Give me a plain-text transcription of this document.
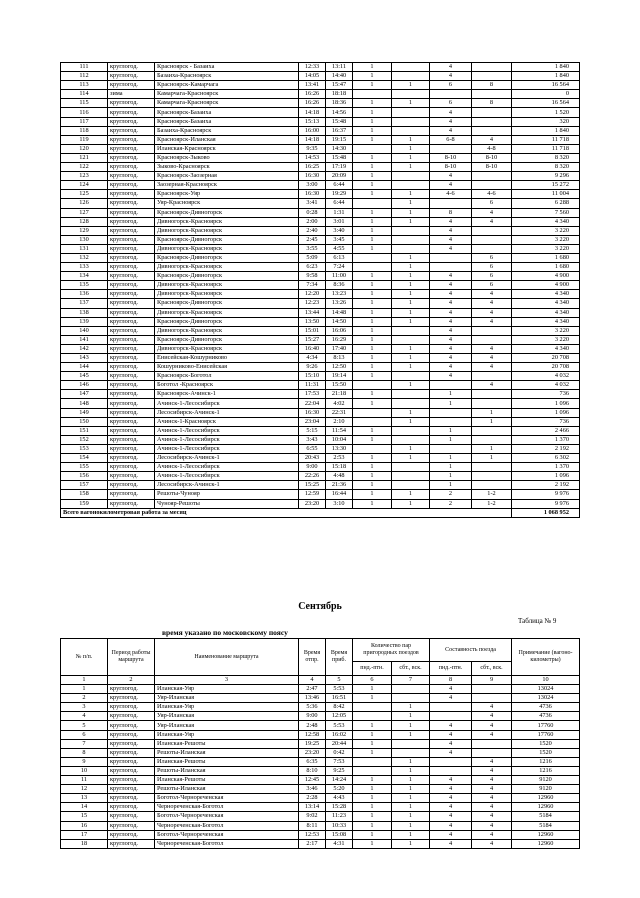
111	круглогод.	Красноярск - Базаиха	12:33	13:11	1		4		1 840
112	круглогод.	Базаиха-Красноярск	14:05	14:40	1		4		1 840
113	круглогод.	Красноярск-Камарчага	13:41	15:47	1	1	6	8	16 564
114	зима	Камарчага-Красноярск	16:26	18:18					0
115	круглогод.	Камарчага-Красноярск	16:26	18:36	1	1	6	8	16 564
116	круглогод.	Красноярск-Базаиха	14:18	14:56	1		4		1 520
117	круглогод.	Красноярск-Базаиха	15:13	15:48	1		4		320
118	круглогод.	Базаиха-Красноярск	16:00	16:37	1		4		1 840
119	круглогод.	Красноярск-Иланская	14:18	19:15	1	1	6-8	4	11 718
120	круглогод.	Иланская-Красноярск	9:35	14:30		1		4-8	11 718
121	круглогод.	Красноярск-Зыково	14:53	15:48	1	1	8-10	8-10	8 320
122	круглогод.	Зыково-Красноярск	16:25	17:19	1	1	8-10	8-10	8 320
123	круглогод.	Красноярск-Заозерная	16:30	20:09	1		4		9 296
124	круглогод.	Заозерная-Красноярск	3:00	6:44	1		4		15 272
125	круглогод.	Красноярск-Уяр	16:30	19:29	1	1	4-6	4-6	11 004
126	круглогод.	Уяр-Красноярск	3:41	6:44		1		6	6 288
127	круглогод.	Красноярск-Дивногорск	0:28	1:31	1	1	8	4	7 560
128	круглогод.	Дивногорск-Красноярск	2:00	3:01	1	1	4	4	4 340
129	круглогод.	Дивногорск-Красноярск	2:40	3:40	1		4		3 220
130	круглогод.	Красноярск-Дивногорск	2:45	3:45	1		4		3 220
131	круглогод.	Дивногорск-Красноярск	3:55	4:55	1		4		3 220
132	круглогод.	Красноярск-Дивногорск	5:09	6:13		1		6	1 680
133	круглогод.	Дивногорск-Красноярск	6:23	7:24		1		6	1 680
134	круглогод.	Красноярск-Дивногорск	9:58	11:00	1	1	4	6	4 900
135	круглогод.	Дивногорск-Красноярск	7:34	8:36	1	1	4	6	4 900
136	круглогод.	Дивногорск-Красноярск	12:20	13:23	1	1	4	4	4 340
137	круглогод.	Красноярск-Дивногорск	12:23	13:26	1	1	4	4	4 340
138	круглогод.	Дивногорск-Красноярск	13:44	14:48	1	1	4	4	4 340
139	круглогод.	Красноярск-Дивногорск	13:50	14:50	1	1	4	4	4 340
140	круглогод.	Дивногорск-Красноярск	15:01	16:06	1		4		3 220
141	круглогод.	Красноярск-Дивногорск	15:27	16:29	1		4		3 220
142	круглогод.	Дивногорск-Красноярск	16:40	17:40	1	1	4	4	4 340
143	круглогод.	Енисейская-Кошурниково	4:34	8:13	1	1	4	4	20 708
144	круглогод.	Кошурниково-Енисейская	9:26	12:50	1	1	4	4	20 708
145	круглогод.	Красноярск-Боготол	15:10	19:14	1		4		4 032
146	круглогод.	Боготол -Красноярск	11:31	15:50		1		4	4 032
147	круглогод.	Красноярск-Ачинск-1	17:53	21:18	1		1		736
148	круглогод.	Ачинск-1-Лесосибирск	22:04	4:02	1		1		1 096
149	круглогод.	Лесосибирск-Ачинск-1	16:30	22:31		1		1	1 096
150	круглогод.	Ачинск-1-Красноярск	23:04	2:10		1		1	736
151	круглогод.	Ачинск-1-Лесосибирск	5:15	11:54	1		1		2 466
152	круглогод.	Ачинск-1-Лесосибирск	3:43	10:04	1		1		1 370
153	круглогод.	Ачинск-1-Лесосибирск	6:55	13:30		1		1	2 192
154	круглогод.	Лесосибирск-Ачинск-1	20:43	2:53	1	1	1	1	6 302
155	круглогод.	Ачинск-1-Лесосибирск	9:00	15:18	1		1		1 370
156	круглогод.	Ачинск-1-Лесосибирск	22:26	4:48	1		1		1 096
157	круглогод.	Лесосибирск-Ачинск-1	15:25	21:36	1		1		2 192
158	круглогод.	Решоты-Чунояр	12:59	16:44	1	1	2	1-2	9 976
159	круглогод.	Чунояр-Решоты	23:20	3:10	1	1	2	1-2	9 976
Всего вагонокилометровая работа за месяц									1 068 952
Сентябрь
Таблица № 9
время указано по московскому поясу
№ п/п.	Период работы маршрута	Наименование маршрута	Время отпр.	Время приб.	Количество пар пригородных поездов		Составность поезда		Примечание (вагоно-километры)
					пнд.-птн.	сбт., вск.	пнд.-птн.	сбт., вск.	
1	2	3	4	5	6	7	8	9	10
1	круглогод.	Иланская-Уяр	2:47	5:53	1		4		13024
2	круглогод.	Уяр-Иланская	13:46	16:51	1		4		13024
3	круглогод.	Иланская-Уяр	5:36	8:42		1		4	4736
4	круглогод.	Уяр-Иланская	9:00	12:05		1		4	4736
5	круглогод.	Уяр-Иланская	2:48	5:53	1	1	4	4	17760
6	круглогод.	Иланская-Уяр	12:58	16:02	1	1	4	4	17760
7	круглогод.	Иланская-Решоты	19:25	20:44	1		4		1520
8	круглогод.	Решоты-Иланская	23:20	0:42	1		4		1520
9	круглогод.	Иланская-Решоты	6:35	7:53		1		4	1216
10	круглогод.	Решоты-Иланская	8:10	9:25		1		4	1216
11	круглогод.	Иланская-Решоты	12:45	14:24	1	1	4	4	9120
12	круглогод.	Решоты-Иланская	3:46	5:20	1	1	4	4	9120
13	круглогод.	Боготол-Чернореченская	2:28	4:43	1	1	4	4	12960
14	круглогод.	Чернореченская-Боготол	13:14	15:28	1	1	4	4	12960
15	круглогод.	Боготол-Чернореченская	9:02	11:23	1	1	4	4	5184
16	круглогод.	Чернореченская-Боготол	8:11	10:33	1	1	4	4	5184
17	круглогод.	Боготол-Чернореченская	12:53	15:08	1	1	4	4	12960
18	круглогод.	Чернореченская-Боготол	2:17	4:31	1	1	4	4	12960
